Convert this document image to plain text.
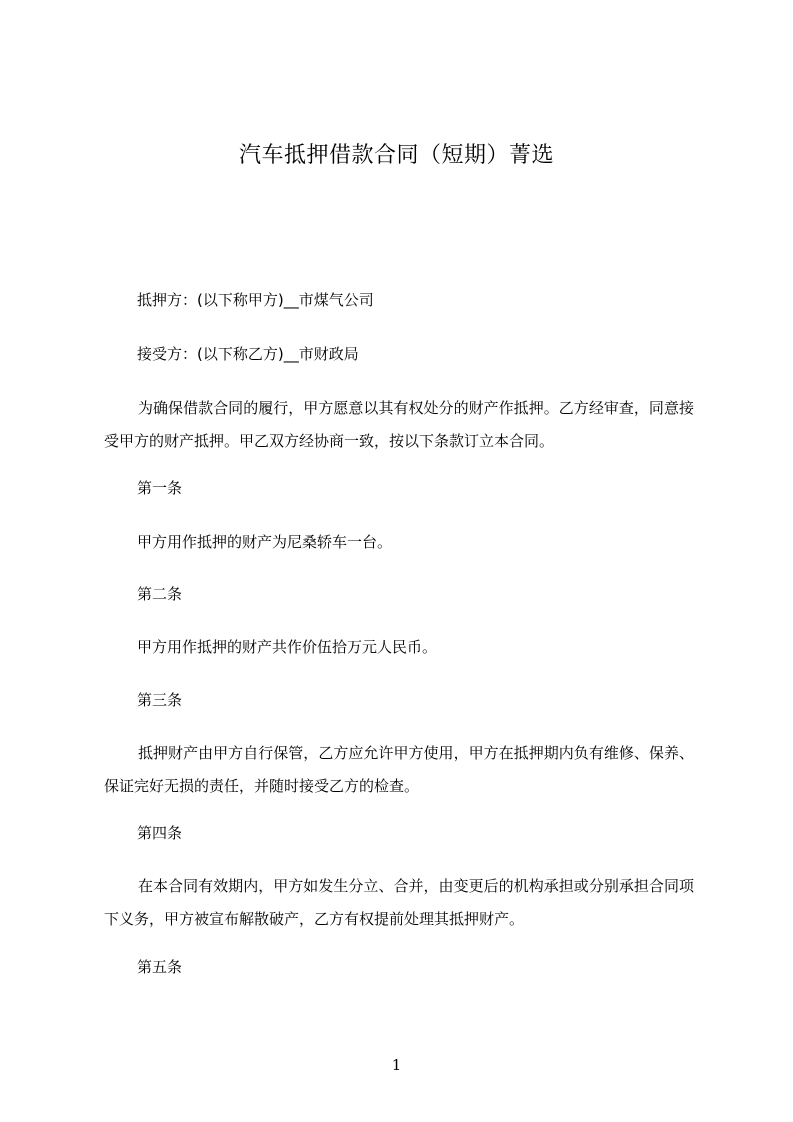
汽车抵押借款合同（短期）菁选
抵押方：(以下称甲方)__市煤气公司
接受方：(以下称乙方)__市财政局
为确保借款合同的履行，甲方愿意以其有权处分的财产作抵押。乙方经审查，同意接受甲方的财产抵押。甲乙双方经协商一致，按以下条款订立本合同。
第一条
甲方用作抵押的财产为尼桑轿车一台。
第二条
甲方用作抵押的财产共作价伍拾万元人民币。
第三条
抵押财产由甲方自行保管，乙方应允许甲方使用，甲方在抵押期内负有维修、保养、保证完好无损的责任，并随时接受乙方的检查。
第四条
在本合同有效期内，甲方如发生分立、合并，由变更后的机构承担或分别承担合同项下义务，甲方被宣布解散破产，乙方有权提前处理其抵押财产。
第五条
1
